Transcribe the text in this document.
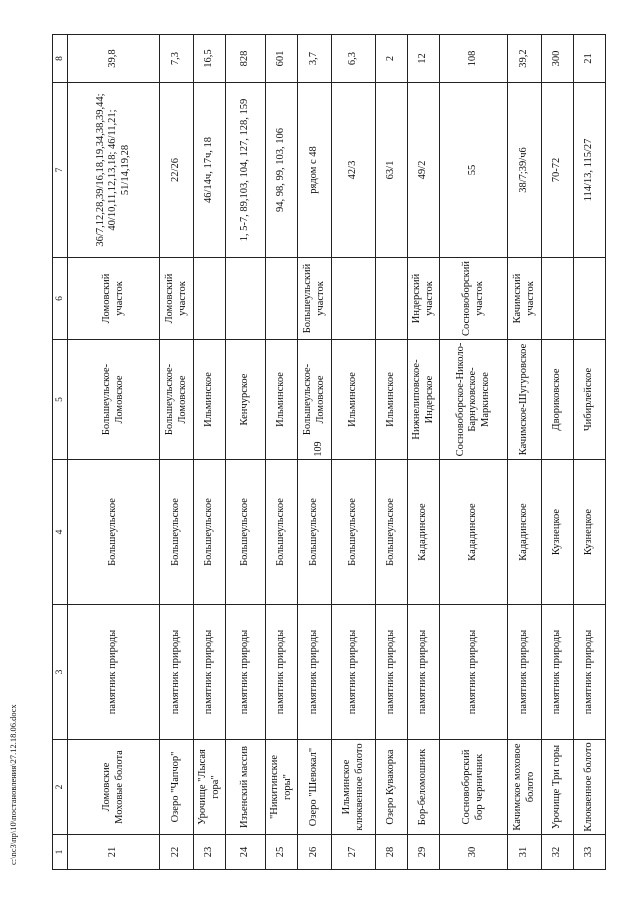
109
c:\nc3\пр\10\постановления\27.12.18.06.docx	1	2	3	4	5	6	7	8
21	Ломовские Моховые болота	памятник природы	Большеульское	Большеульское-Ломовское	Ломовский участок	36/7,12,28,39/16,18,19,34,38,39,44; 40/10,11,12,13,18; 46/11,21; 51/14,19,28	39,8
22	Озеро "Чапчор"	памятник природы	Большеульское	Большеульское-Ломовское	Ломовский участок	22/26	7,3
23	Урочище "Лысая гора"	памятник природы	Большеульское	Ильминское		46/14ч, 17ч, 18	16,5
24	Изъенский массив	памятник природы	Большеульское	Кенчурское		1, 5-7, 89,103, 104, 127, 128, 159	828
25	"Никитинские горы"	памятник природы	Большеульское	Ильминское		94, 98, 99, 103, 106	601
26	Озеро "Шевокал"	памятник природы	Большеульское	Большеульское-Ломовское	Большеульский участок	рядом с 48	3,7
27	Ильминское клюквенное болото	памятник природы	Большеульское	Ильминское		42/3	6,3
28	Озеро Кувакорка	памятник природы	Большеульское	Ильминское		63/1	2
29	Бор-беломошник	памятник природы	Кададинское	Нижнелиповское-Индерское	Индерский участок	49/2	12
30	Сосновоборский бор черничник	памятник природы	Кададинское	Сосновоборское-Николо-Барнуковское-Маркинское	Сосновоборский участок	55	108
31	Качимское моховое болото	памятник природы	Кададинское	Качимское-Шугуровское	Качимский участок	38/7;39/ч6	39,2
32	Урочище Три горы	памятник природы	Кузнецкое	Двориковское		70-72	300
33	Клюквенное болото	памятник природы	Кузнецкое	Чибирлейское		114/13, 115/27	21
